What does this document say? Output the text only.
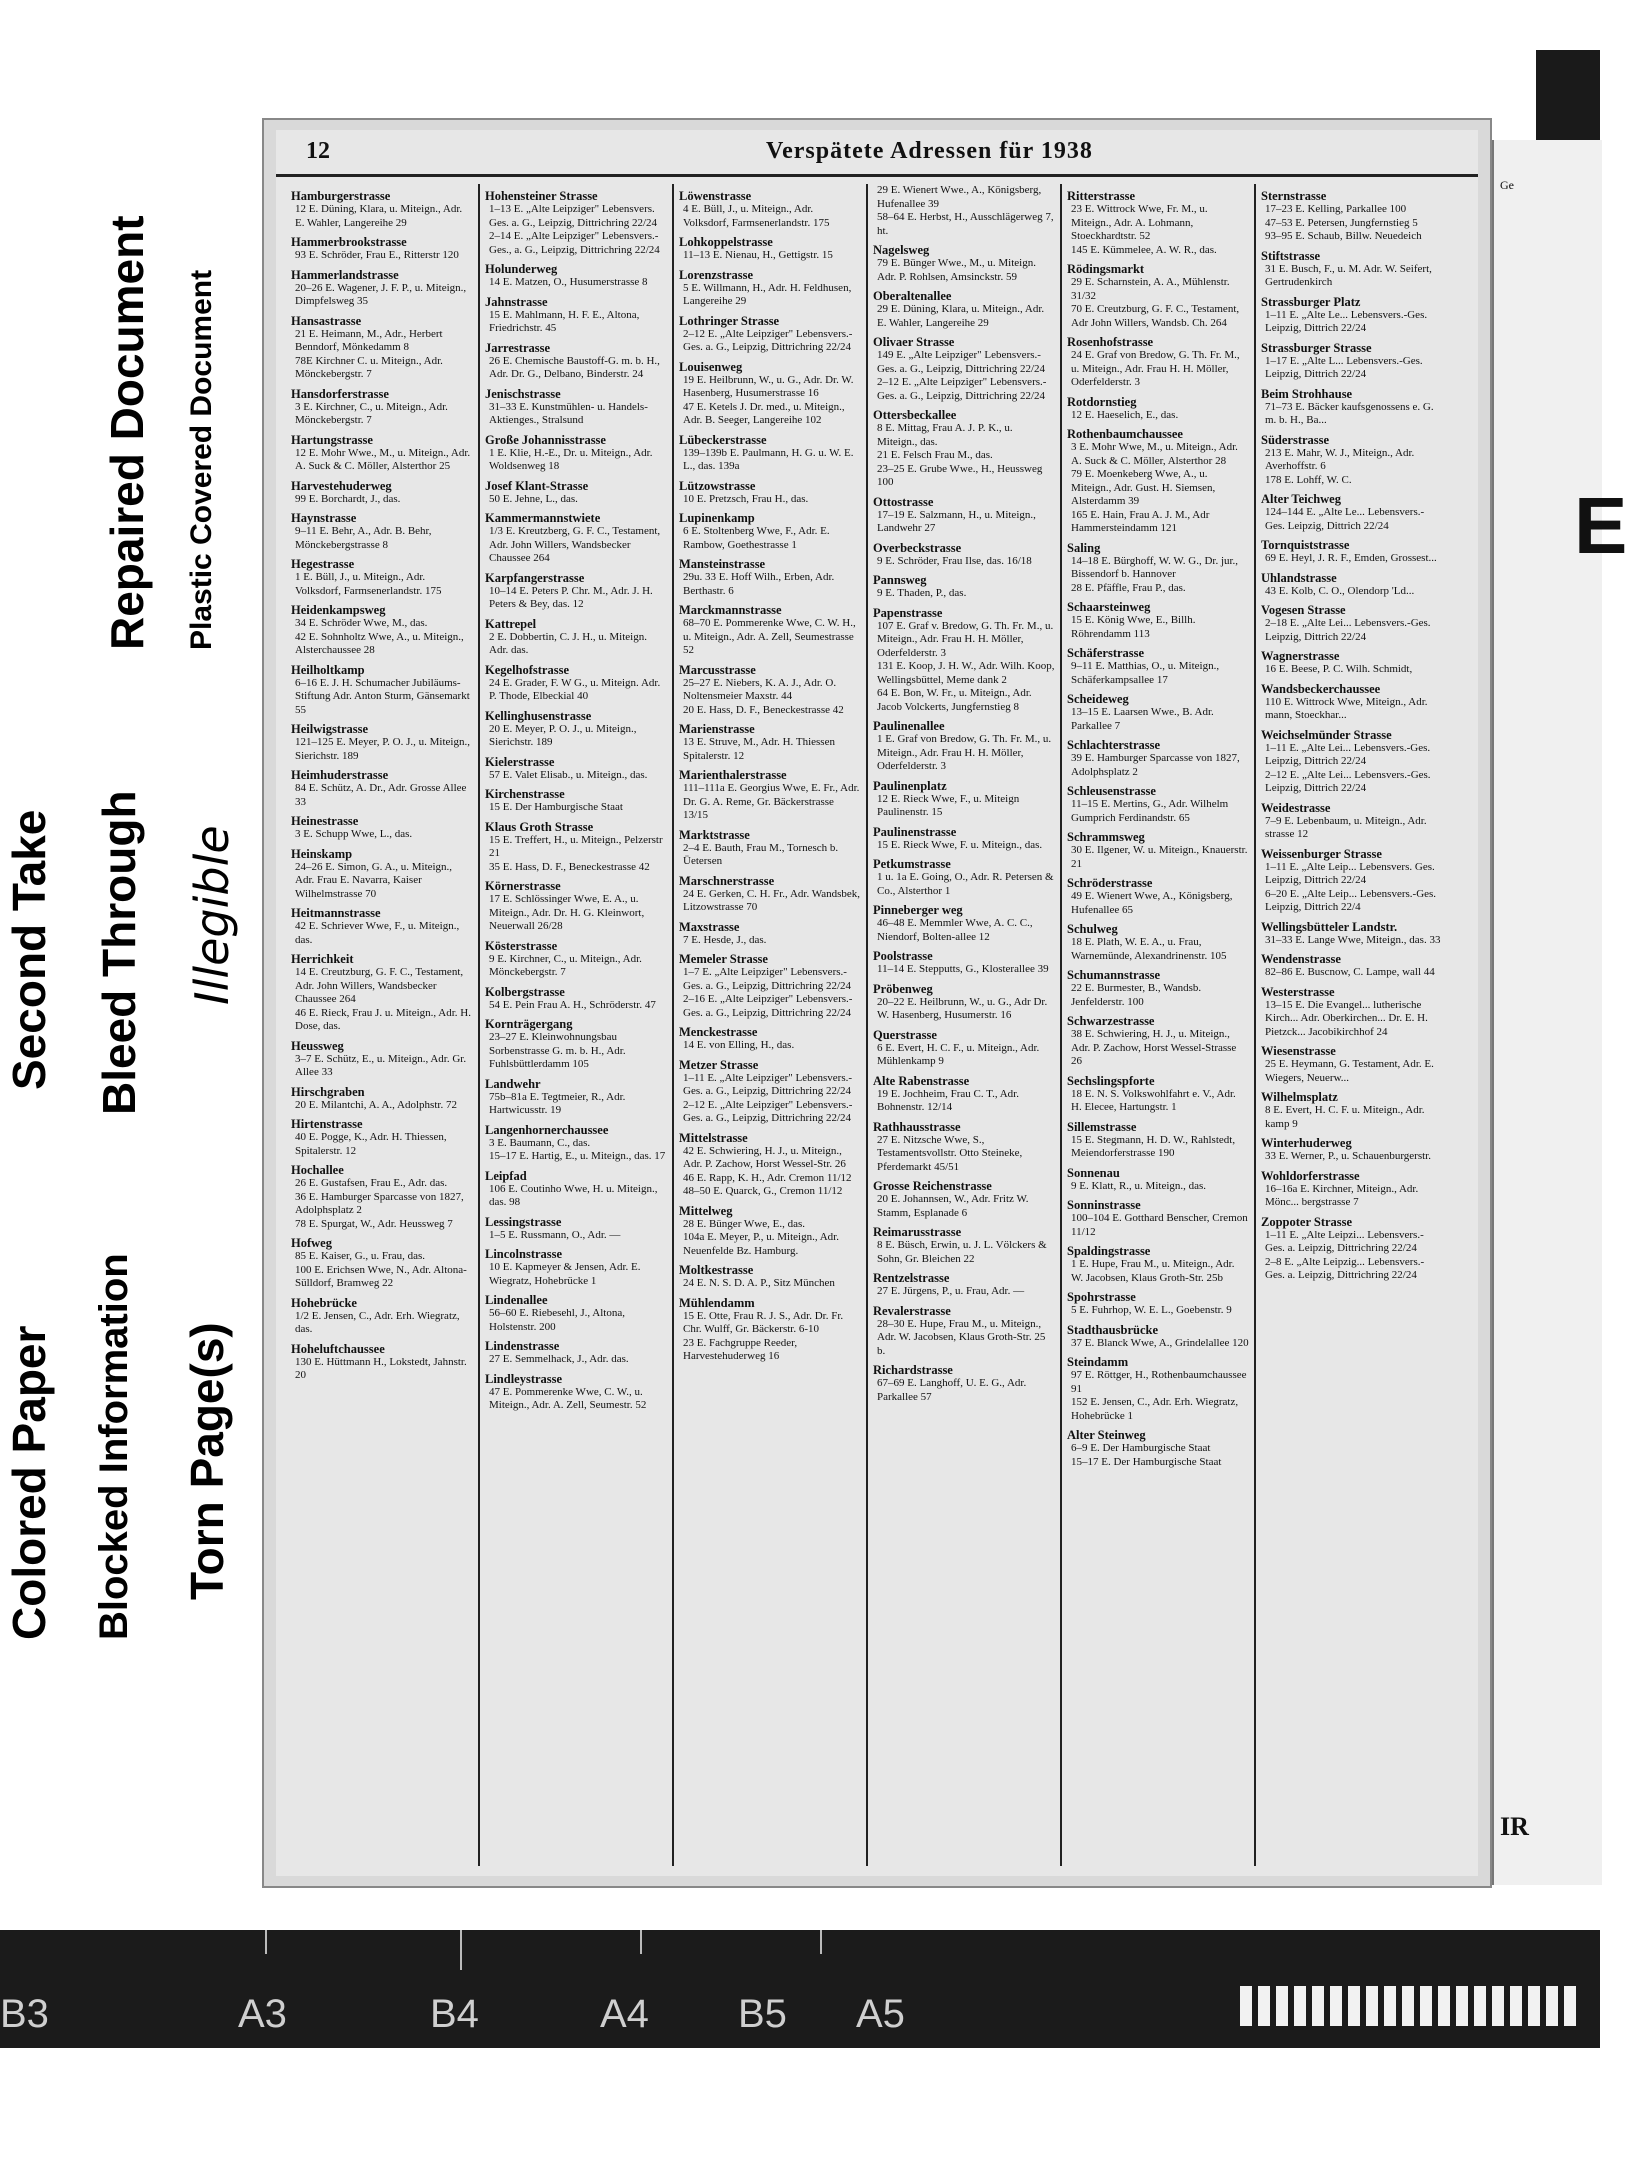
Repaired Document Plastic Covered Document
Second Take Bleed Through Illegible
Colored Paper Blocked Information Torn Page(s)
12	Verspätete Adressen für 1938
Hamburgerstrasse
12 E. Düning, Klara, u. Miteign., Adr. E. Wahler, Langereihe 29
Hammerbrookstrasse
93 E. Schröder, Frau E., Ritterstr 120
Hammerlandstrasse
20–26 E. Wagener, J. F. P., u. Miteign., Dimpfelsweg 35
Hansastrasse
21 E. Heimann, M., Adr., Herbert Benndorf, Mönkedamm 8
78E Kirchner C. u. Miteign., Adr. Mönckebergstr. 7
Hansdorferstrasse
3 E. Kirchner, C., u. Miteign., Adr. Mönckebergstr. 7
Hartungstrasse
12 E. Mohr Wwe., M., u. Miteign., Adr. A. Suck & C. Möller, Alsterthor 25
Harvestehuderweg
99 E. Borchardt, J., das.
Haynstrasse
9–11 E. Behr, A., Adr. B. Behr, Mönckebergstrasse 8
Hegestrasse
1 E. Büll, J., u. Miteign., Adr. Volksdorf, Farmsenerlandstr. 175
Heidenkampsweg
34 E. Schröder Wwe, M., das.
42 E. Sohnholtz Wwe, A., u. Miteign., Alsterchaussee 28
Heilholtkamp
6–16 E. J. H. Schumacher Jubiläums-Stiftung Adr. Anton Sturm, Gänsemarkt 55
Heilwigstrasse
121–125 E. Meyer, P. O. J., u. Miteign., Sierichstr. 189
Heimhuderstrasse
84 E. Schütz, A. Dr., Adr. Grosse Allee 33
Heinestrasse
3 E. Schupp Wwe, L., das.
Heinskamp
24–26 E. Simon, G. A., u. Miteign., Adr. Frau E. Navarra, Kaiser Wilhelmstrasse 70
Heitmannstrasse
42 E. Schriever Wwe, F., u. Miteign., das.
Herrichkeit
14 E. Creutzburg, G. F. C., Testament, Adr. John Willers, Wandsbecker Chaussee 264
46 E. Rieck, Frau J. u. Miteign., Adr. H. Dose, das.
Heussweg
3–7 E. Schütz, E., u. Miteign., Adr. Gr. Allee 33
Hirschgraben
20 E. Milantchi, A. A., Adolphstr. 72
Hirtenstrasse
40 E. Pogge, K., Adr. H. Thiessen, Spitalerstr. 12
Hochallee
26 E. Gustafsen, Frau E., Adr. das.
36 E. Hamburger Sparcasse von 1827, Adolphsplatz 2
78 E. Spurgat, W., Adr. Heussweg 7
Hofweg
85 E. Kaiser, G., u. Frau, das.
100 E. Erichsen Wwe, N., Adr. Altona-Sülldorf, Bramweg 22
Hohebrücke
1/2 E. Jensen, C., Adr. Erh. Wiegratz, das.
Hoheluftchaussee
130 E. Hüttmann H., Lokstedt, Jahnstr. 20
Hohensteiner Strasse
1–13 E. „Alte Leipziger" Lebensvers. Ges. a. G., Leipzig, Dittrichring 22/24
2–14 E. „Alte Leipziger" Lebensvers.-Ges., a. G., Leipzig, Dittrichring 22/24
Holunderweg
14 E. Matzen, O., Husumerstrasse 8
Jahnstrasse
15 E. Mahlmann, H. F. E., Altona, Friedrichstr. 45
Jarrestrasse
26 E. Chemische Baustoff-G. m. b. H., Adr. Dr. G., Delbano, Binderstr. 24
Jenischstrasse
31–33 E. Kunstmühlen- u. Handels-Aktienges., Stralsund
Große Johannisstrasse
1 E. Klie, H.-E., Dr. u. Miteign., Adr. Woldsenweg 18
Josef Klant-Strasse
50 E. Jehne, L., das.
Kammermannstwiete
1/3 E. Kreutzberg, G. F. C., Testament, Adr. John Willers, Wandsbecker Chaussee 264
Karpfangerstrasse
10–14 E. Peters P. Chr. M., Adr. J. H. Peters & Bey, das. 12
Kattrepel
2 E. Dobbertin, C. J. H., u. Miteign. Adr. das.
Kegelhofstrasse
24 E. Grader, F. W G., u. Miteign. Adr. P. Thode, Elbeckial 40
Kellinghusenstrasse
20 E. Meyer, P. O. J., u. Miteign., Sierichstr. 189
Kielerstrasse
57 E. Valet Elisab., u. Miteign., das.
Kirchenstrasse
15 E. Der Hamburgische Staat
Klaus Groth Strasse
15 E. Treffert, H., u. Miteign., Pelzerstr 21
35 E. Hass, D. F., Beneckestrasse 42
Körnerstrasse
17 E. Schlössinger Wwe, E. A., u. Miteign., Adr. Dr. H. G. Kleinwort, Neuerwall 26/28
Kösterstrasse
9 E. Kirchner, C., u. Miteign., Adr. Mönckebergstr. 7
Kolbergstrasse
54 E. Pein Frau A. H., Schröderstr. 47
Kornträgergang
23–27 E. Kleinwohnungsbau Sorbenstrasse G. m. b. H., Adr. Fuhlsbüttlerdamm 105
Landwehr
75b–81a E. Tegtmeier, R., Adr. Hartwicusstr. 19
Langenhornerchaussee
3 E. Baumann, C., das.
15–17 E. Hartig, E., u. Miteign., das. 17
Leipfad
106 E. Coutinho Wwe, H. u. Miteign., das. 98
Lessingstrasse
1–5 E. Russmann, O., Adr. —
Lincolnstrasse
10 E. Kapmeyer & Jensen, Adr. E. Wiegratz, Hohebrücke 1
Lindenallee
56–60 E. Riebesehl, J., Altona, Holstenstr. 200
Lindenstrasse
27 E. Semmelhack, J., Adr. das.
Lindleystrasse
47 E. Pommerenke Wwe, C. W., u. Miteign., Adr. A. Zell, Seumestr. 52
Löwenstrasse
4 E. Büll, J., u. Miteign., Adr. Volksdorf, Farmsenerlandstr. 175
Lohkoppelstrasse
11–13 E. Nienau, H., Gettigstr. 15
Lorenzstrasse
5 E. Willmann, H., Adr. H. Feldhusen, Langereihe 29
Lothringer Strasse
2–12 E. „Alte Leipziger" Lebensvers.-Ges. a. G., Leipzig, Dittrichring 22/24
Louisenweg
19 E. Heilbrunn, W., u. G., Adr. Dr. W. Hasenberg, Husumerstrasse 16
47 E. Ketels J. Dr. med., u. Miteign., Adr. B. Seeger, Langereihe 102
Lübeckerstrasse
139–139b E. Paulmann, H. G. u. W. E. L., das. 139a
Lützowstrasse
10 E. Pretzsch, Frau H., das.
Lupinenkamp
6 E. Stoltenberg Wwe, F., Adr. E. Rambow, Goethestrasse 1
Mansteinstrasse
29u. 33 E. Hoff Wilh., Erben, Adr. Berthastr. 6
Marckmannstrasse
68–70 E. Pommerenke Wwe, C. W. H., u. Miteign., Adr. A. Zell, Seumestrasse 52
Marcusstrasse
25–27 E. Niebers, K. A. J., Adr. O. Noltensmeier Maxstr. 44
20 E. Hass, D. F., Beneckestrasse 42
Marienstrasse
13 E. Struve, M., Adr. H. Thiessen Spitalerstr. 12
Marienthalerstrasse
111–111a E. Georgius Wwe, E. Fr., Adr. Dr. G. A. Reme, Gr. Bäckerstrasse 13/15
Marktstrasse
2–4 E. Bauth, Frau M., Tornesch b. Üetersen
Marschnerstrasse
24 E. Gerken, C. H. Fr., Adr. Wandsbek, Litzowstrasse 70
Maxstrasse
7 E. Hesde, J., das.
Memeler Strasse
1–7 E. „Alte Leipziger" Lebensvers.-Ges. a. G., Leipzig, Dittrichring 22/24
2–16 E. „Alte Leipziger" Lebensvers.-Ges. a. G., Leipzig, Dittrichring 22/24
Menckestrasse
14 E. von Elling, H., das.
Metzer Strasse
1–11 E. „Alte Leipziger" Lebensvers.-Ges. a. G., Leipzig, Dittrichring 22/24
2–12 E. „Alte Leipziger" Lebensvers.-Ges. a. G., Leipzig, Dittrichring 22/24
Mittelstrasse
42 E. Schwiering, H. J., u. Miteign., Adr. P. Zachow, Horst Wessel-Str. 26
46 E. Rapp, K. H., Adr. Cremon 11/12
48–50 E. Quarck, G., Cremon 11/12
Mittelweg
28 E. Bünger Wwe, E., das.
104a E. Meyer, P., u. Miteign., Adr. Neuenfelde Bz. Hamburg.
Moltkestrasse
24 E. N. S. D. A. P., Sitz München
Mühlendamm
15 E. Otte, Frau R. J. S., Adr. Dr. Fr. Chr. Wulff, Gr. Bäckerstr. 6-10
23 E. Fachgruppe Reeder, Harvestehuderweg 16
29 E. Wienert Wwe., A., Königsberg, Hufenallee 39
58–64 E. Herbst, H., Ausschlägerweg 7, ht.
Nagelsweg
79 E. Bünger Wwe., M., u. Miteign. Adr. P. Rohlsen, Amsinckstr. 59
Oberaltenallee
29 E. Düning, Klara, u. Miteign., Adr. E. Wahler, Langereihe 29
Olivaer Strasse
149 E. „Alte Leipziger" Lebensvers.-Ges. a. G., Leipzig, Dittrichring 22/24
2–12 E. „Alte Leipziger" Lebensvers.-Ges. a. G., Leipzig, Dittrichring 22/24
Ottersbeckallee
8 E. Mittag, Frau A. J. P. K., u. Miteign., das.
21 E. Felsch Frau M., das.
23–25 E. Grube Wwe., H., Heussweg 100
Ottostrasse
17–19 E. Salzmann, H., u. Miteign., Landwehr 27
Overbeckstrasse
9 E. Schröder, Frau Ilse, das. 16/18
Pannsweg
9 E. Thaden, P., das.
Papenstrasse
107 E. Graf v. Bredow, G. Th. Fr. M., u. Miteign., Adr. Frau H. H. Möller, Oderfelderstr. 3
131 E. Koop, J. H. W., Adr. Wilh. Koop, Wellingsbüttel, Meme dank 2
64 E. Bon, W. Fr., u. Miteign., Adr. Jacob Volckerts, Jungfernstieg 8
Paulinenallee
1 E. Graf von Bredow, G. Th. Fr. M., u. Miteign., Adr. Frau H. H. Möller, Oderfelderstr. 3
Paulinenplatz
12 E. Rieck Wwe, F., u. Miteign Paulinenstr. 15
Paulinenstrasse
15 E. Rieck Wwe, F. u. Miteign., das.
Petkumstrasse
1 u. 1a E. Going, O., Adr. R. Petersen & Co., Alsterthor 1
Pinneberger weg
46–48 E. Memmler Wwe, A. C. C., Niendorf, Bolten-allee 12
Poolstrasse
11–14 E. Stepputts, G., Klosterallee 39
Pröbenweg
20–22 E. Heilbrunn, W., u. G., Adr Dr. W. Hasenberg, Husumerstr. 16
Querstrasse
6 E. Evert, H. C. F., u. Miteign., Adr. Mühlenkamp 9
Alte Rabenstrasse
19 E. Jochheim, Frau C. T., Adr. Bohnenstr. 12/14
Rathhausstrasse
27 E. Nitzsche Wwe, S., Testamentsvollstr. Otto Steineke, Pferdemarkt 45/51
Grosse Reichenstrasse
20 E. Johannsen, W., Adr. Fritz W. Stamm, Esplanade 6
Reimarusstrasse
8 E. Büsch, Erwin, u. J. L. Völckers & Sohn, Gr. Bleichen 22
Rentzelstrasse
27 E. Jürgens, P., u. Frau, Adr. —
Revalerstrasse
28–30 E. Hupe, Frau M., u. Miteign., Adr. W. Jacobsen, Klaus Groth-Str. 25 b.
Richardstrasse
67–69 E. Langhoff, U. E. G., Adr. Parkallee 57
Ritterstrasse
23 E. Wittrock Wwe, Fr. M., u. Miteign., Adr. A. Lohmann, Stoeckhardtstr. 52
145 E. Kümmelee, A. W. R., das.
Rödingsmarkt
29 E. Scharnstein, A. A., Mühlenstr. 31/32
70 E. Creutzburg, G. F. C., Testament, Adr John Willers, Wandsb. Ch. 264
Rosenhofstrasse
24 E. Graf von Bredow, G. Th. Fr. M., u. Miteign., Adr. Frau H. H. Möller, Oderfelderstr. 3
Rotdornstieg
12 E. Haeselich, E., das.
Rothenbaumchaussee
3 E. Mohr Wwe, M., u. Miteign., Adr. A. Suck & C. Möller, Alsterthor 28
79 E. Moenkeberg Wwe, A., u. Miteign., Adr. Gust. H. Siemsen, Alsterdamm 39
165 E. Hain, Frau A. J. M., Adr Hammersteindamm 121
Saling
14–18 E. Bürghoff, W. W. G., Dr. jur., Bissendorf b. Hannover
28 E. Pfäffle, Frau P., das.
Schaarsteinweg
15 E. König Wwe, E., Billh. Röhrendamm 113
Schäferstrasse
9–11 E. Matthias, O., u. Miteign., Schäferkampsallee 17
Scheideweg
13–15 E. Laarsen Wwe., B. Adr. Parkallee 7
Schlachterstrasse
39 E. Hamburger Sparcasse von 1827, Adolphsplatz 2
Schleusenstrasse
11–15 E. Mertins, G., Adr. Wilhelm Gumprich Ferdinandstr. 65
Schrammsweg
30 E. Ilgener, W. u. Miteign., Knauerstr. 21
Schröderstrasse
49 E. Wienert Wwe, A., Königsberg, Hufenallee 65
Schulweg
18 E. Plath, W. E. A., u. Frau, Warnemünde, Alexandrinenstr. 105
Schumannstrasse
22 E. Burmester, B., Wandsb. Jenfelderstr. 100
Schwarzestrasse
38 E. Schwiering, H. J., u. Miteign., Adr. P. Zachow, Horst Wessel-Strasse 26
Sechslingspforte
18 E. N. S. Volkswohlfahrt e. V., Adr. H. Elecee, Hartungstr. 1
Sillemstrasse
15 E. Stegmann, H. D. W., Rahlstedt, Meiendorferstrasse 190
Sonnenau
9 E. Klatt, R., u. Miteign., das.
Sonninstrasse
100–104 E. Gotthard Benscher, Cremon 11/12
Spaldingstrasse
1 E. Hupe, Frau M., u. Miteign., Adr. W. Jacobsen, Klaus Groth-Str. 25b
Spohrstrasse
5 E. Fuhrhop, W. E. L., Goebenstr. 9
Stadthausbrücke
37 E. Blanck Wwe, A., Grindelallee 120
Steindamm
97 E. Röttger, H., Rothenbaumchaussee 91
152 E. Jensen, C., Adr. Erh. Wiegratz, Hohebrücke 1
Alter Steinweg
6–9 E. Der Hamburgische Staat
15–17 E. Der Hamburgische Staat
Sternstrasse
17–23 E. Kelling, Parkallee 100
47–53 E. Petersen, Jungfernstieg 5
93–95 E. Schaub, Billw. Neuedeich
Stiftstrasse
31 E. Busch, F., u. M. Adr. W. Seifert, Gertrudenkirch
Strassburger Platz
1–11 E. „Alte Le... Lebensvers.-Ges. Leipzig, Dittrich 22/24
Strassburger Strasse
1–17 E. „Alte L... Lebensvers.-Ges. Leipzig, Dittrich 22/24
Beim Strohhause
71–73 E. Bäcker kaufsgenossens e. G. m. b. H., Ba...
Süderstrasse
213 E. Mahr, W. J., Miteign., Adr. Averhoffstr. 6
178 E. Lohff, W. C.
Alter Teichweg
124–144 E. „Alte Le... Lebensvers.-Ges. Leipzig, Dittrich 22/24
Tornquiststrasse
69 E. Heyl, J. R. F., Emden, Grossest...
Uhlandstrasse
43 E. Kolb, C. O., Olendorp 'Ld...
Vogesen Strasse
2–18 E. „Alte Lei... Lebensvers.-Ges. Leipzig, Dittrich 22/24
Wagnerstrasse
16 E. Beese, P. C. Wilh. Schmidt,
Wandsbeckerchaussee
110 E. Wittrock Wwe, Miteign., Adr. mann, Stoeckhar...
Weichselmünder Strasse
1–11 E. „Alte Lei... Lebensvers.-Ges. Leipzig, Dittrich 22/24
2–12 E. „Alte Lei... Lebensvers.-Ges. Leipzig, Dittrich 22/24
Weidestrasse
7–9 E. Lebenbaum, u. Miteign., Adr. strasse 12
Weissenburger Strasse
1–11 E. „Alte Leip... Lebensvers. Ges. Leipzig, Dittrich 22/24
6–20 E. „Alte Leip... Lebensvers.-Ges. Leipzig, Dittrich 22/4
Wellingsbütteler Landstr.
31–33 E. Lange Wwe, Miteign., das. 33
Wendenstrasse
82–86 E. Buscnow, C. Lampe, wall 44
Westerstrasse
13–15 E. Die Evangel... lutherische Kirch... Adr. Oberkirchen... Dr. E. H. Pietzck... Jacobikirchhof 24
Wiesenstrasse
25 E. Heymann, G. Testament, Adr. E. Wiegers, Neuerw...
Wilhelmsplatz
8 E. Evert, H. C. F. u. Miteign., Adr. kamp 9
Winterhuderweg
33 E. Werner, P., u. Schauenburgerstr.
Wohldorferstrasse
16–16a E. Kirchner, Miteign., Adr. Mönc... bergstrasse 7
Zoppoter Strasse
1–11 E. „Alte Leipzi... Lebensvers.-Ges. a. Leipzig, Dittrichring 22/24
2–8 E. „Alte Leipzig... Lebensvers.-Ges. a. Leipzig, Dittrichring 22/24
Ge
E
IR
B3	A3	B4	A4 B5 A5
